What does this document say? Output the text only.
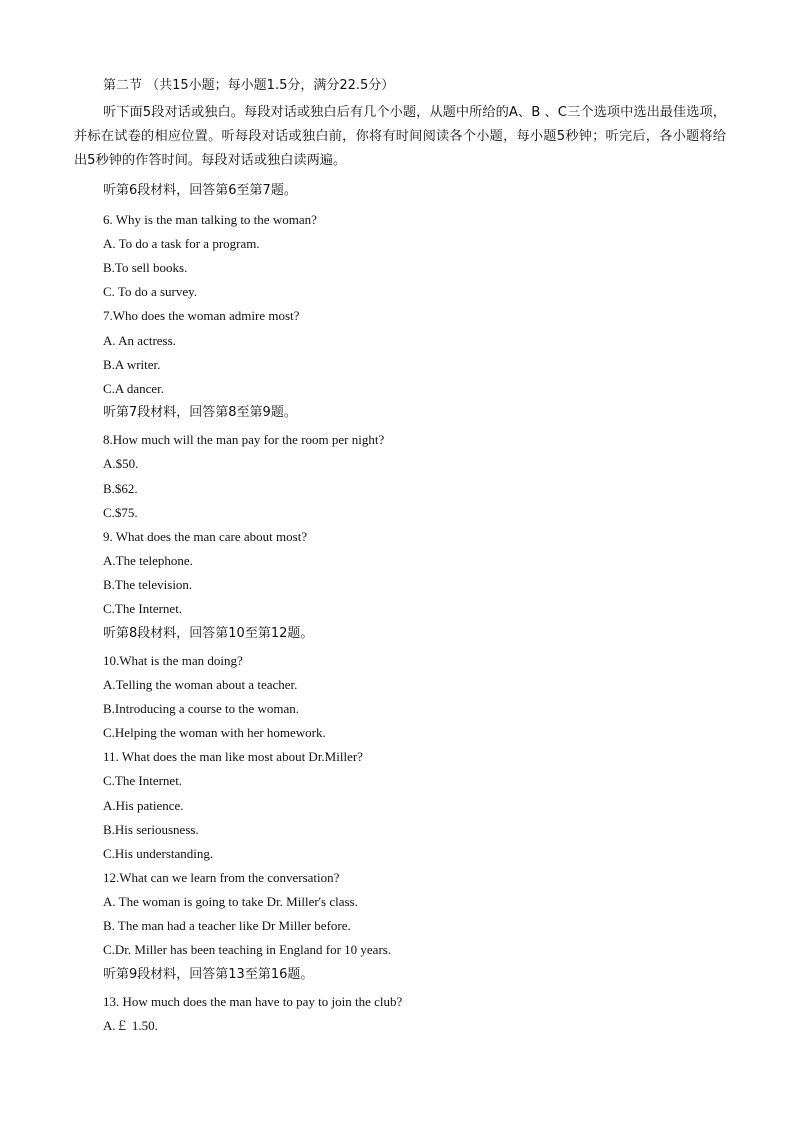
第二节 （共15小题；每小题1.5分，满分22.5分）
听下面5段对话或独白。每段对话或独白后有几个小题，从题中所给的A、B 、C三个选项中选出最佳选项，并标在试卷的相应位置。听每段对话或独白前，你将有时间阅读各个小题，每小题5秒钟；听完后，各小题将给出5秒钟的作答时间。每段对话或独白读两遍。
听第6段材料，回答第6至第7题。
6. Why is the man talking to the woman?
A. To do a task for a program.
B.To sell books.
C. To do a survey.
7.Who does the woman admire most?
A. An actress.
B.A writer.
C.A dancer.
听第7段材料，回答第8至第9题。
8.How much will the man pay for the room per night?
A.$50.
B.$62.
C.$75.
9. What does the man care about most?
A.The telephone.
B.The television.
C.The Internet.
听第8段材料，回答第10至第12题。
10.What is the man doing?
A.Telling the woman about a teacher.
B.Introducing a course to the woman.
C.Helping the woman with her homework.
11. What does the man like most about Dr.Miller?
C.The Internet.
A.His patience.
B.His seriousness.
C.His understanding.
12.What can we learn from the conversation?
A. The woman is going to take Dr. Miller's class.
B. The man had a teacher like Dr Miller before.
C.Dr. Miller has been teaching in England for 10 years.
听第9段材料，回答第13至第16题。
13. How much does the man have to pay to join the club?
A.￡ 1.50.
